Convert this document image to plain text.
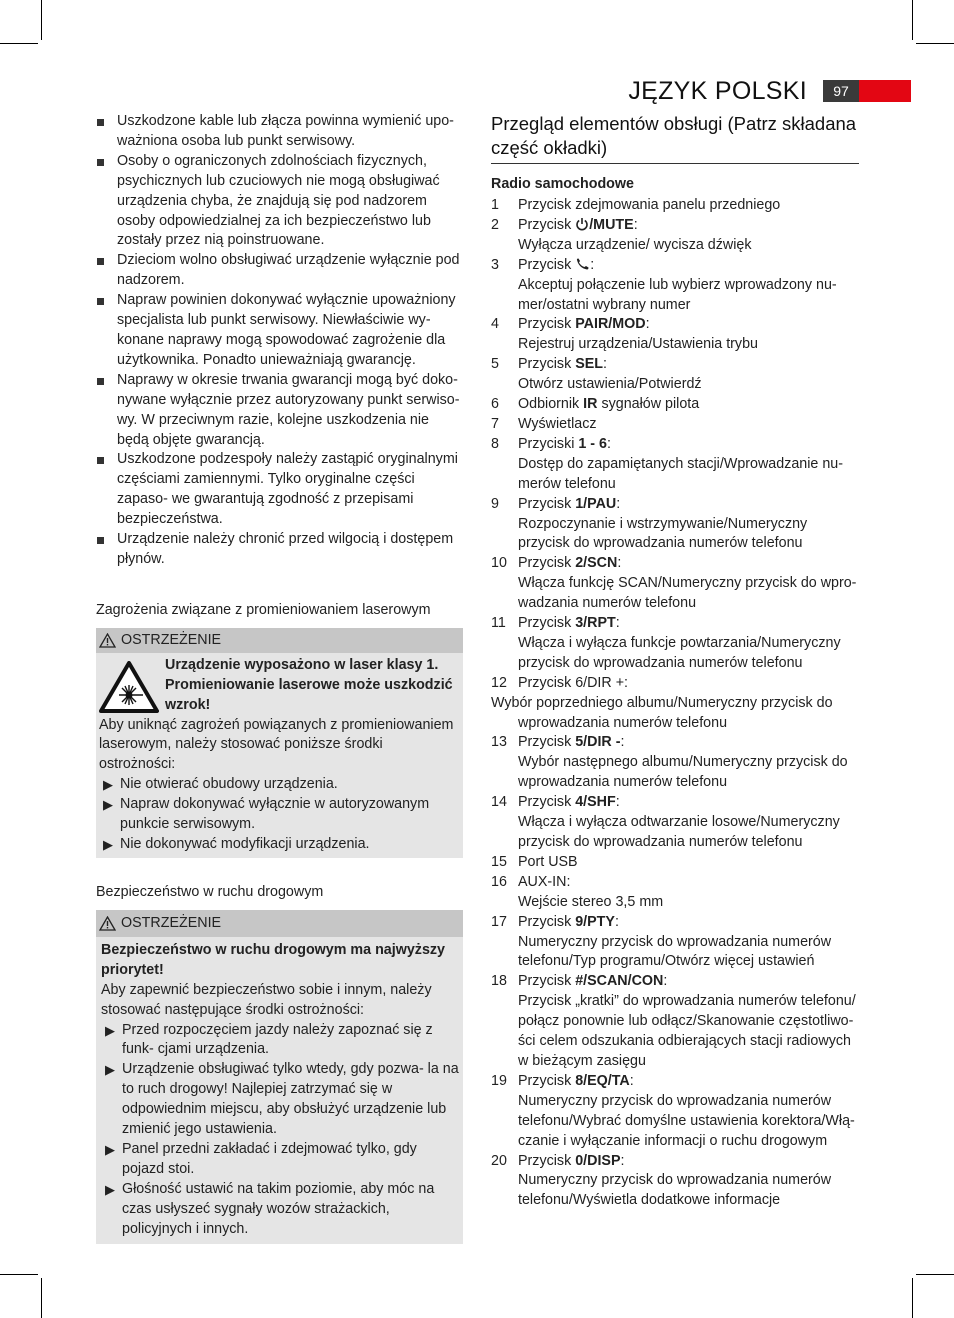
JĘZYK POLSKI	97
Uszkodzone kable lub złącza powinna wymienić upo- ważniona osoba lub punkt serwisowy.
Osoby o ograniczonych zdolnościach fizycznych, psychicznych lub czuciowych nie mogą obsługiwać urządzenia chyba, że znajdują się pod nadzorem osoby odpowiedzialnej za ich bezpieczeństwo lub zostały przez nią poinstruowane.
Dzieciom wolno obsługiwać urządzenie wyłącznie pod nadzorem.
Napraw powinien dokonywać wyłącznie upoważniony specjalista lub punkt serwisowy. Niewłaściwie wy- konane naprawy mogą spowodować zagrożenie dla użytkownika. Ponadto unieważniają gwarancję.
Naprawy w okresie trwania gwarancji mogą być doko- nywane wyłącznie przez autoryzowany punkt serwiso- wy. W przeciwnym razie, kolejne uszkodzenia nie będą objęte gwarancją.
Uszkodzone podzespoły należy zastąpić oryginalnymi częściami zamiennymi. Tylko oryginalne części zapaso- we gwarantują zgodność z przepisami bezpieczeństwa.
Urządzenie należy chronić przed wilgocią i dostępem płynów.
Zagrożenia związane z promieniowaniem laserowym
OSTRZEŻENIE
Urządzenie wyposażono w laser klasy 1. Promieniowanie laserowe może uszkodzić wzrok!
Aby uniknąć zagrożeń powiązanych z promieniowaniem laserowym, należy stosować poniższe środki ostrożności:
▶ Nie otwierać obudowy urządzenia.
▶ Napraw dokonywać wyłącznie w autoryzowanym punkcie serwisowym.
▶ Nie dokonywać modyfikacji urządzenia.
Bezpieczeństwo w ruchu drogowym
OSTRZEŻENIE
Bezpieczeństwo w ruchu drogowym ma najwyższy priorytet!
Aby zapewnić bezpieczeństwo sobie i innym, należy stosować następujące środki ostrożności:
▶ Przed rozpoczęciem jazdy należy zapoznać się z funk- cjami urządzenia.
▶ Urządzenie obsługiwać tylko wtedy, gdy pozwa- la na to ruch drogowy! Najlepiej zatrzymać się w odpowiednim miejscu, aby obsłużyć urządzenie lub zmienić jego ustawienia.
▶ Panel przedni zakładać i zdejmować tylko, gdy pojazd stoi.
▶ Głośność ustawić na takim poziomie, aby móc na czas usłyszeć sygnały wozów strażackich, policyjnych i innych.
Przegląd elementów obsługi (Patrz składana część okładki)
Radio samochodowe
1	Przycisk zdejmowania panelu przedniego
2	Przycisk /MUTE:
Wyłącza urządzenie/ wycisza dźwięk
3	Przycisk :
Akceptuj połączenie lub wybierz wprowadzony nu- mer/ostatni wybrany numer
4	Przycisk PAIR/MOD:
Rejestruj urządzenia/Ustawienia trybu
5	Przycisk SEL:
Otwórz ustawienia/Potwierdź
6	Odbiornik IR sygnałów pilota
7	Wyświetlacz
8	Przyciski 1 - 6:
Dostęp do zapamiętanych stacji/Wprowadzanie nu- merów telefonu
9	Przycisk 1/PAU:
Rozpoczynanie i wstrzymywanie/Numeryczny przycisk do wprowadzania numerów telefonu
10 Przycisk 2/SCN:
Włącza funkcję SCAN/Numeryczny przycisk do wpro- wadzania numerów telefonu
11 Przycisk 3/RPT:
Włącza i wyłącza funkcje powtarzania/Numeryczny przycisk do wprowadzania numerów telefonu
12 Przycisk 6/DIR +:
Wybór poprzedniego albumu/Numeryczny przycisk do
wprowadzania numerów telefonu
13 Przycisk 5/DIR -:
Wybór następnego albumu/Numeryczny przycisk do wprowadzania numerów telefonu
14 Przycisk 4/SHF:
Włącza i wyłącza odtwarzanie losowe/Numeryczny przycisk do wprowadzania numerów telefonu
15 Port USB
16 AUX-IN:
Wejście stereo 3,5 mm
17 Przycisk 9/PTY:
Numeryczny przycisk do wprowadzania numerów telefonu/Typ programu/Otwórz więcej ustawień
18 Przycisk #/SCAN/CON:
Przycisk „kratki” do wprowadzania numerów telefonu/ połącz ponownie lub odłącz/Skanowanie częstotliwo- ści celem odszukania odbierających stacji radiowych w bieżącym zasięgu
19 Przycisk 8/EQ/TA:
Numeryczny przycisk do wprowadzania numerów telefonu/Wybrać domyślne ustawienia korektora/Włą- czanie i wyłączanie informacji o ruchu drogowym
20 Przycisk 0/DISP:
Numeryczny przycisk do wprowadzania numerów telefonu/Wyświetla dodatkowe informacje
